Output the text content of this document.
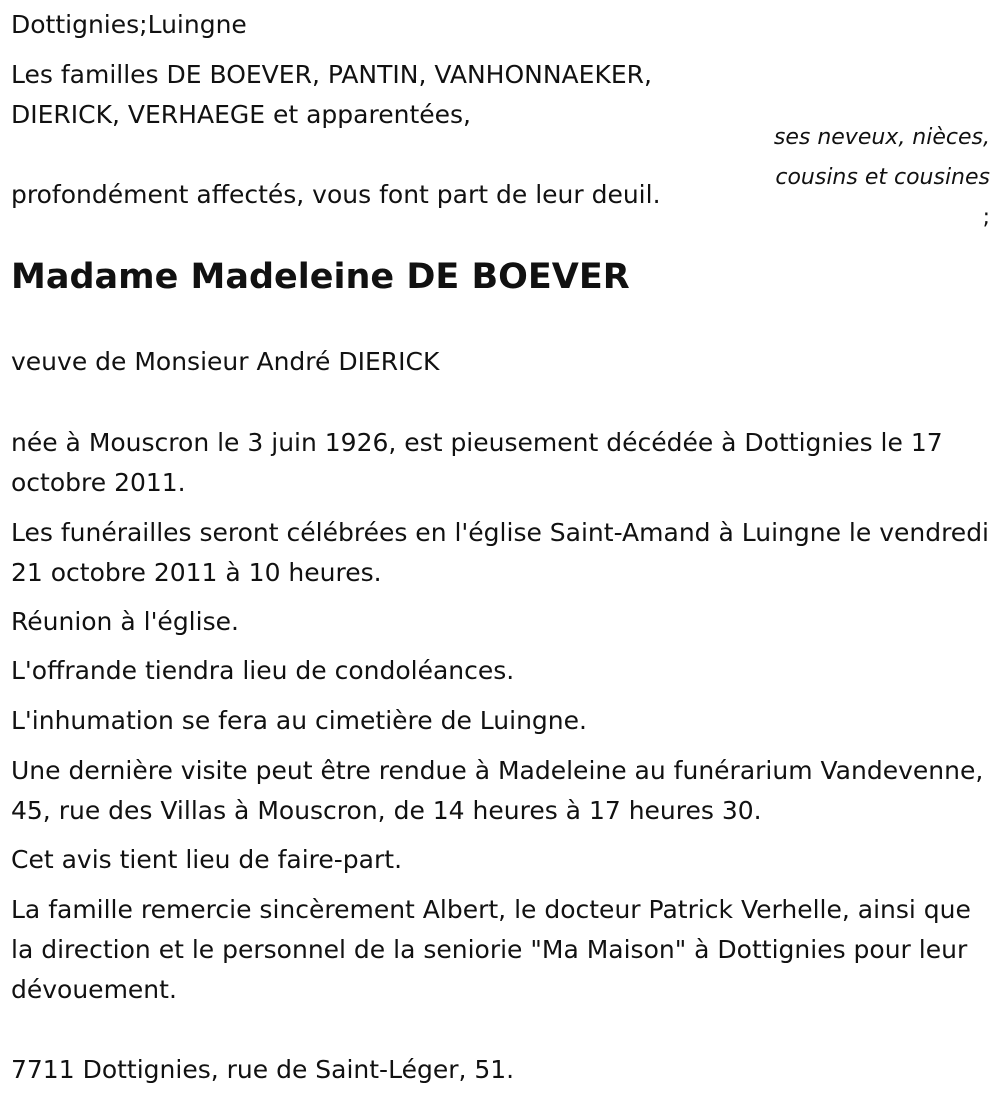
Dottignies;Luingne
Les familles DE BOEVER, PANTIN, VANHONNAEKER,
DIERICK, VERHAEGE et apparentées,
ses neveux, nièces,
cousins et cousines
;
profondément affectés, vous font part de leur deuil.
Madame Madeleine DE BOEVER
veuve de Monsieur André DIERICK
née à Mouscron le 3 juin 1926, est pieusement décédée à Dottignies le 17 octobre 2011.
Les funérailles seront célébrées en l'église Saint-Amand à Luingne le vendredi 21 octobre 2011 à 10 heures.
Réunion à l'église.
L'offrande tiendra lieu de condoléances.
L'inhumation se fera au cimetière de Luingne.
Une dernière visite peut être rendue à Madeleine au funérarium Vandevenne, 45, rue des Villas à Mouscron, de 14 heures à 17 heures 30.
Cet avis tient lieu de faire-part.
La famille remercie sincèrement Albert, le docteur Patrick Verhelle, ainsi que la direction et le personnel de la seniorie "Ma Maison" à Dottignies pour leur dévouement.
7711 Dottignies, rue de Saint-Léger, 51.
